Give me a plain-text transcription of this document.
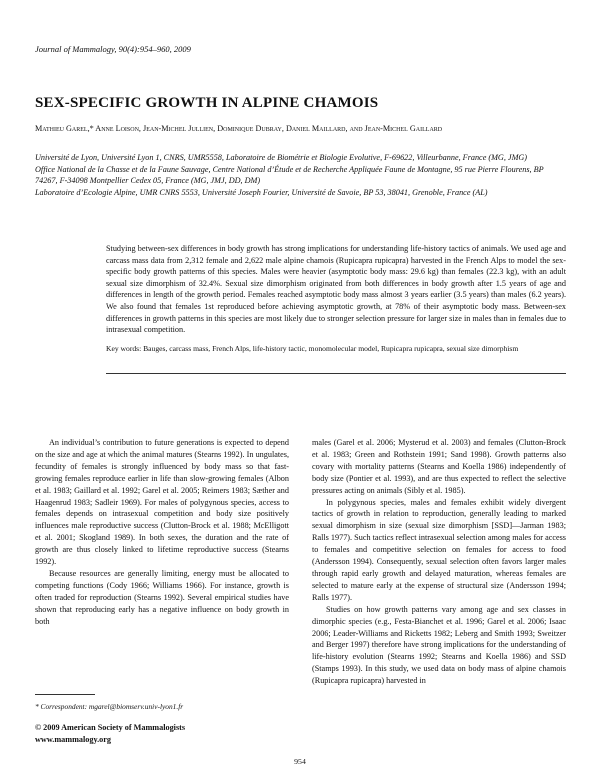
Journal of Mammalogy, 90(4):954–960, 2009
SEX-SPECIFIC GROWTH IN ALPINE CHAMOIS
Mathieu Garel,* Anne Loison, Jean-Michel Jullien, Dominique Dubray, Daniel Maillard, and Jean-Michel Gaillard
Université de Lyon, Université Lyon 1, CNRS, UMR5558, Laboratoire de Biométrie et Biologie Evolutive, F-69622, Villeurbanne, France (MG, JMG)
Office National de la Chasse et de la Faune Sauvage, Centre National d’Étude et de Recherche Appliquée Faune de Montagne, 95 rue Pierre Flourens, BP 74267, F-34098 Montpellier Cedex 05, France (MG, JMJ, DD, DM)
Laboratoire d’Ecologie Alpine, UMR CNRS 5553, Université Joseph Fourier, Université de Savoie, BP 53, 38041, Grenoble, France (AL)
Studying between-sex differences in body growth has strong implications for understanding life-history tactics of animals. We used age and carcass mass data from 2,312 female and 2,622 male alpine chamois (Rupicapra rupicapra) harvested in the French Alps to model the sex-specific body growth patterns of this species. Males were heavier (asymptotic body mass: 29.6 kg) than females (22.3 kg), with an adult sexual size dimorphism of 32.4%. Sexual size dimorphism originated from both differences in body growth after 1.5 years of age and differences in length of the growth period. Females reached asymptotic body mass almost 3 years earlier (3.5 years) than males (6.2 years). We also found that females 1st reproduced before achieving asymptotic growth, at 78% of their asymptotic body mass. Between-sex differences in growth patterns in this species are most likely due to stronger selection pressure for larger size in males than in females due to intrasexual competition.
Key words: Bauges, carcass mass, French Alps, life-history tactic, monomolecular model, Rupicapra rupicapra, sexual size dimorphism

An individual’s contribution to future generations is expected to depend on the size and age at which the animal matures (Stearns 1992). In ungulates, fecundity of females is strongly influenced by body mass so that fast-growing females reproduce earlier in life than slow-growing females (Albon et al. 1983; Gaillard et al. 1992; Garel et al. 2005; Reimers 1983; Sæther and Haagenrud 1983; Sadleir 1969). For males of polygynous species, access to females depends on intrasexual competition and body size positively influences male reproductive success (Clutton-Brock et al. 1988; McElligott et al. 2001; Skogland 1989). In both sexes, the duration and the rate of growth are thus closely linked to lifetime reproductive success (Stearns 1992).

Because resources are generally limiting, energy must be allocated to competing functions (Cody 1966; Williams 1966). For instance, growth is often traded for reproduction (Stearns 1992). Several empirical studies have shown that reproducing early has a negative influence on body growth in both

males (Garel et al. 2006; Mysterud et al. 2003) and females (Clutton-Brock et al. 1983; Green and Rothstein 1991; Sand 1998). Growth patterns also covary with mortality patterns (Stearns and Koella 1986) independently of body size (Pontier et al. 1993), and are thus expected to reflect the selective pressures acting on animals (Sibly et al. 1985).

In polygynous species, males and females exhibit widely divergent tactics of growth in relation to reproduction, generally leading to marked sexual dimorphism in size (sexual size dimorphism [SSD]—Jarman 1983; Ralls 1977). Such tactics reflect intrasexual selection among males for access to females and competitive selection on females for access to food (Andersson 1994). Consequently, sexual selection often favors larger males through rapid early growth and delayed maturation, whereas females are selected to mature early at the expense of structural size (Andersson 1994; Ralls 1977).

Studies on how growth patterns vary among age and sex classes in dimorphic species (e.g., Festa-Bianchet et al. 1996; Garel et al. 2006; Isaac 2006; Leader-Williams and Ricketts 1982; Leberg and Smith 1993; Sweitzer and Berger 1997) therefore have strong implications for the understanding of life-history evolution (Stearns 1992; Stearns and Koella 1986) and SSD (Stamps 1993). In this study, we used data on body mass of alpine chamois (Rupicapra rupicapra) harvested in

* Correspondent: mgarel@biomserv.univ-lyon1.fr
© 2009 American Society of Mammalogists
www.mammalogy.org
954
